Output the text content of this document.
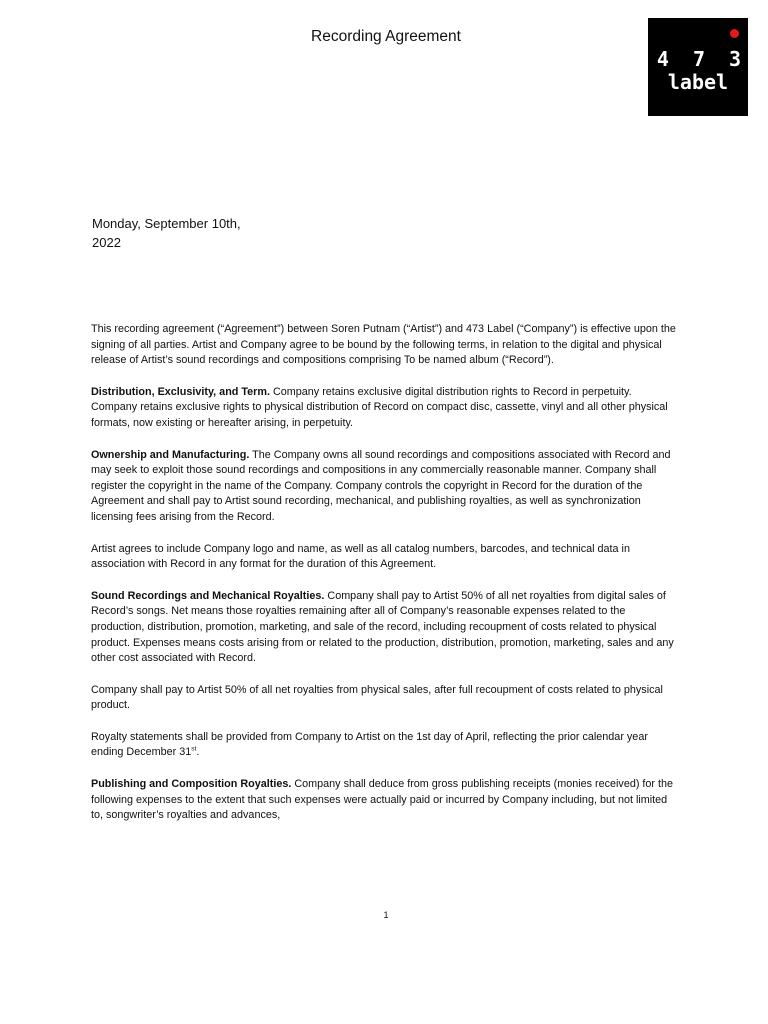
Recording Agreement
4 7 3
label
Monday, September 10th,
2022

This recording agreement (“Agreement”) between Soren Putnam (“Artist”) and 473 Label (“Company”) is effective upon the signing of all parties. Artist and Company agree to be bound by the following terms, in relation to the digital and physical release of Artist’s sound recordings and compositions comprising To be named album (“Record”).

Distribution, Exclusivity, and Term. Company retains exclusive digital distribution rights to Record in perpetuity. Company retains exclusive rights to physical distribution of Record on compact disc, cassette, vinyl and all other physical formats, now existing or hereafter arising, in perpetuity.

Ownership and Manufacturing. The Company owns all sound recordings and compositions associated with Record and may seek to exploit those sound recordings and compositions in any commercially reasonable manner. Company shall register the copyright in the name of the Company. Company controls the copyright in Record for the duration of the Agreement and shall pay to Artist sound recording, mechanical, and publishing royalties, as well as synchronization licensing fees arising from the Record.

Artist agrees to include Company logo and name, as well as all catalog numbers, barcodes, and technical data in association with Record in any format for the duration of this Agreement.

Sound Recordings and Mechanical Royalties. Company shall pay to Artist 50% of all net royalties from digital sales of Record’s songs. Net means those royalties remaining after all of Company’s reasonable expenses related to the production, distribution, promotion, marketing, and sale of the record, including recoupment of costs related to physical product. Expenses means costs arising from or related to the production, distribution, promotion, marketing, sales and any other cost associated with Record.

Company shall pay to Artist 50% of all net royalties from physical sales, after full recoupment of costs related to physical product.

Royalty statements shall be provided from Company to Artist on the 1st day of April, reflecting the prior calendar year ending December 31st.

Publishing and Composition Royalties. Company shall deduce from gross publishing receipts (monies received) for the following expenses to the extent that such expenses were actually paid or incurred by Company including, but not limited to, songwriter’s royalties and advances,

1
